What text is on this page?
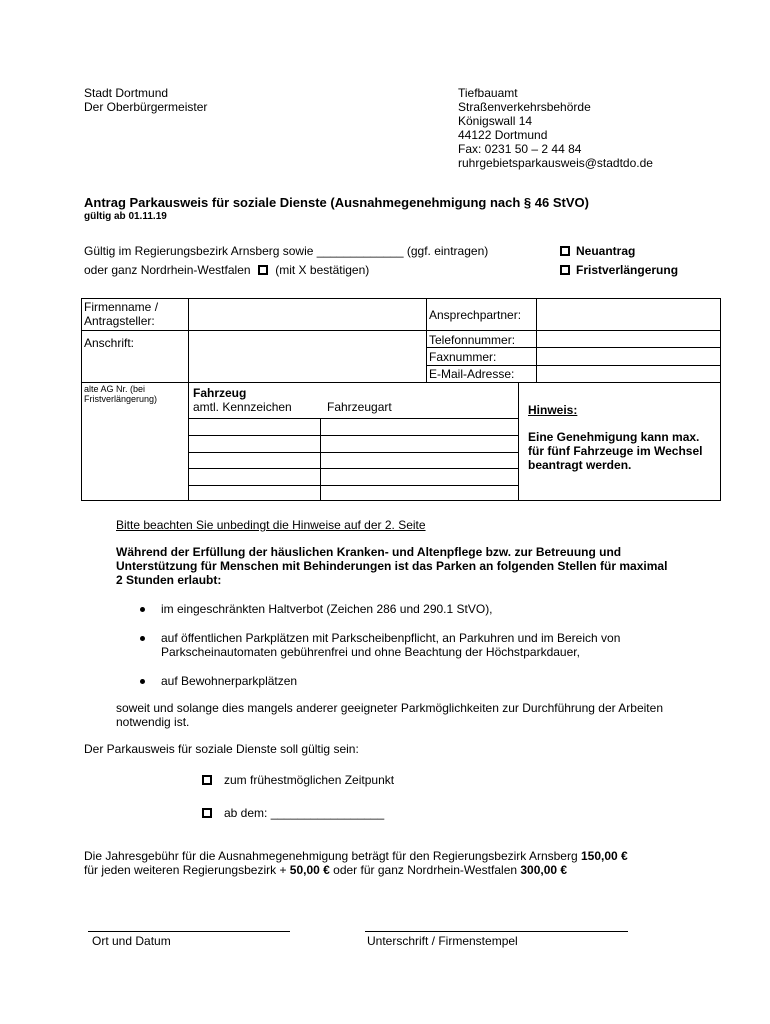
Stadt Dortmund
Der Oberbürgermeister
Tiefbauamt
Straßenverkehrsbehörde
Königswall 14
44122 Dortmund
Fax: 0231 50 – 2 44 84
ruhrgebietsparkausweis@stadtdo.de
Antrag Parkausweis für soziale Dienste (Ausnahmegenehmigung nach § 46 StVO)
gültig ab 01.11.19
Gültig im Regierungsbezirk Arnsberg sowie _____________ (ggf. eintragen)
oder ganz Nordrhein-Westfalen (mit X bestätigen)
Neuantrag
Fristverlängerung
Firmenname / Antragsteller:	Ansprechpartner:
Anschrift:	Telefonnummer:
Faxnummer:
E-Mail-Adresse:
alte AG Nr. (bei Fristverlängerung)	Fahrzeug
amtl. Kennzeichen	Fahrzeugart	Hinweis:
Eine Genehmigung kann max. für fünf Fahrzeuge im Wechsel beantragt werden.
Bitte beachten Sie unbedingt die Hinweise auf der 2. Seite
Während der Erfüllung der häuslichen Kranken- und Altenpflege bzw. zur Betreuung und Unterstützung für Menschen mit Behinderungen ist das Parken an folgenden Stellen für maximal 2 Stunden erlaubt:
im eingeschränkten Haltverbot (Zeichen 286 und 290.1 StVO),
auf öffentlichen Parkplätzen mit Parkscheibenpflicht, an Parkuhren und im Bereich von Parkscheinautomaten gebührenfrei und ohne Beachtung der Höchstparkdauer,
auf Bewohnerparkplätzen
soweit und solange dies mangels anderer geeigneter Parkmöglichkeiten zur Durchführung der Arbeiten notwendig ist.
Der Parkausweis für soziale Dienste soll gültig sein:
zum frühestmöglichen Zeitpunkt
ab dem: _________________
Die Jahresgebühr für die Ausnahmegenehmigung beträgt für den Regierungsbezirk Arnsberg 150,00 €
für jeden weiteren Regierungsbezirk + 50,00 € oder für ganz Nordrhein-Westfalen 300,00 €
Ort und Datum	Unterschrift / Firmenstempel
